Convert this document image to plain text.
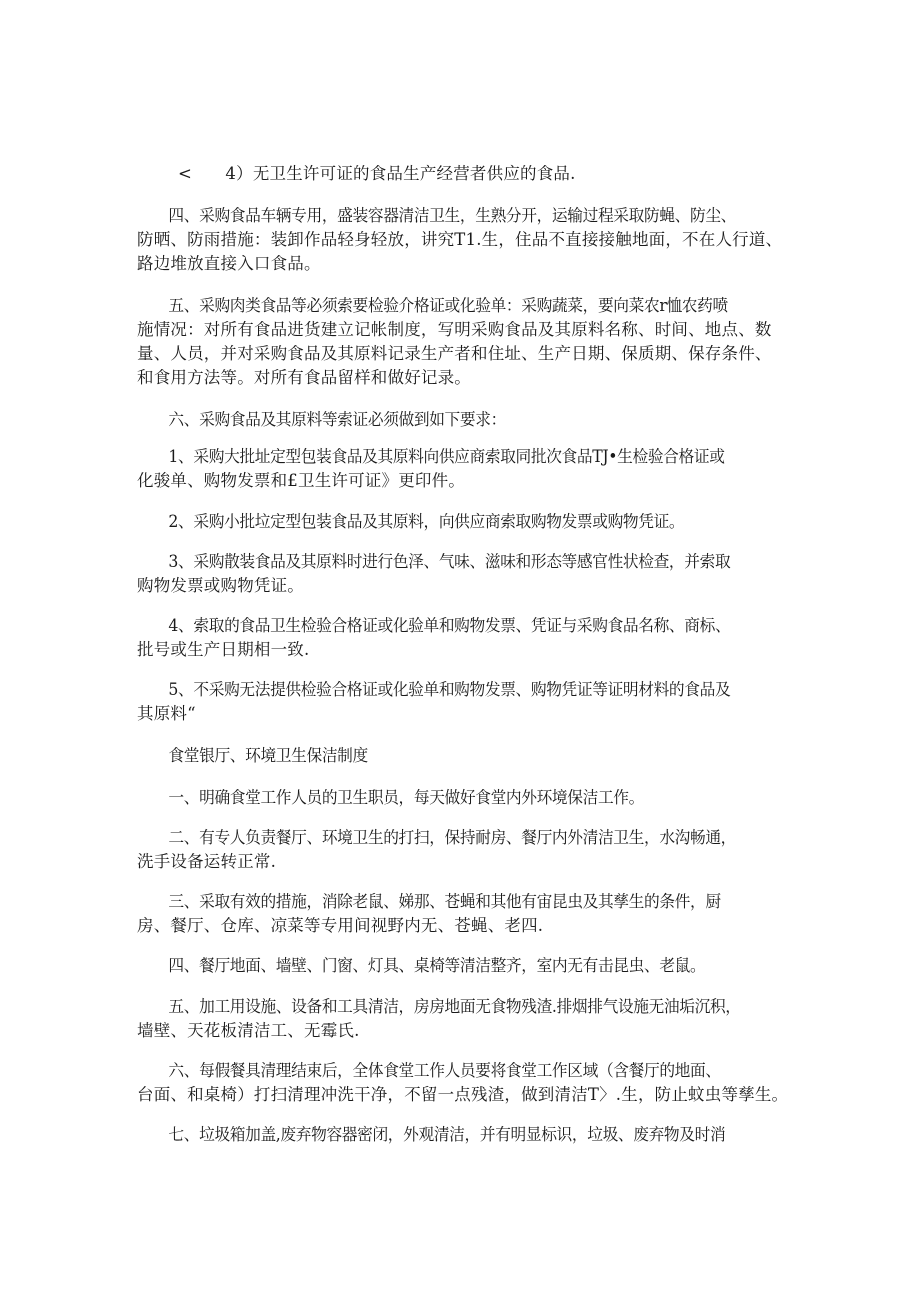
<　　4）无卫生许可证的食品生产经营者供应的食品.

四、采购食品车辆专用，盛装容器清洁卫生，生熟分开，运输过程采取防蝇、防尘、
防晒、防雨措施：装卸作品轻身轻放，讲究T1.生，住品不直接接触地面，不在人行道、
路边堆放直接入口食品。

五、采购肉类食品等必须索要检验介格证或化验单：采购蔬菜，要向菜农r恤农药喷
施情况：对所有食品进货建立记帐制度，写明采购食品及其原料名称、时间、地点、数
量、人员，并对采购食品及其原料记录生产者和住址、生产日期、保质期、保存条件、
和食用方法等。对所有食品留样和做好记录。

六、采购食品及其原料等索证必须做到如下要求：

1、采购大批址定型包装食品及其原料向供应商索取同批次食品TJ•生检验合格证或
化骏单、购物发票和£卫生许可证》更印件。

2、采购小批垃定型包装食品及其原料，向供应商索取购物发票或购物凭证。

3、采购散装食品及其原料时进行色泽、气味、滋味和形态等感官性状检查，并索取
购物发票或购物凭证。

4、索取的食品卫生检验合格证或化验单和购物发票、凭证与采购食品名称、商标、
批号或生产日期相一致.

5、不采购无法提供检验合格证或化验单和购物发票、购物凭证等证明材料的食品及
其原料“

食堂银厅、环境卫生保洁制度

一、明确食堂工作人员的卫生职员，每天做好食堂内外环境保洁工作。

二、有专人负责餐厅、环境卫生的打扫，保持耐房、餐厅内外清洁卫生，水沟畅通，
洗手设备运转正常.

三、采取有效的措施，消除老鼠、娣那、苍蝇和其他有宙昆虫及其孳生的条件，厨
房、餐厅、仓库、凉菜等专用间视野内无、苍蝇、老四.

四、餐厅地面、墙壁、门窗、灯具、桌椅等清洁整齐，室内无有击昆虫、老鼠。

五、加工用设施、设备和工具清洁，房房地面无食物残渣.排烟排气设施无油垢沉积，
墙壁、天花板清洁工、无霉氏.

六、每假餐具清理结束后，全体食堂工作人员要将食堂工作区域（含餐厅的地面、
台面、和桌椅）打扫清理冲洗干净，不留一点残渣，做到清洁T〉.生，防止蚊虫等孳生。

七、垃圾箱加盖,废弃物容器密闭，外观清洁，并有明显标识，垃圾、废弃物及时消
